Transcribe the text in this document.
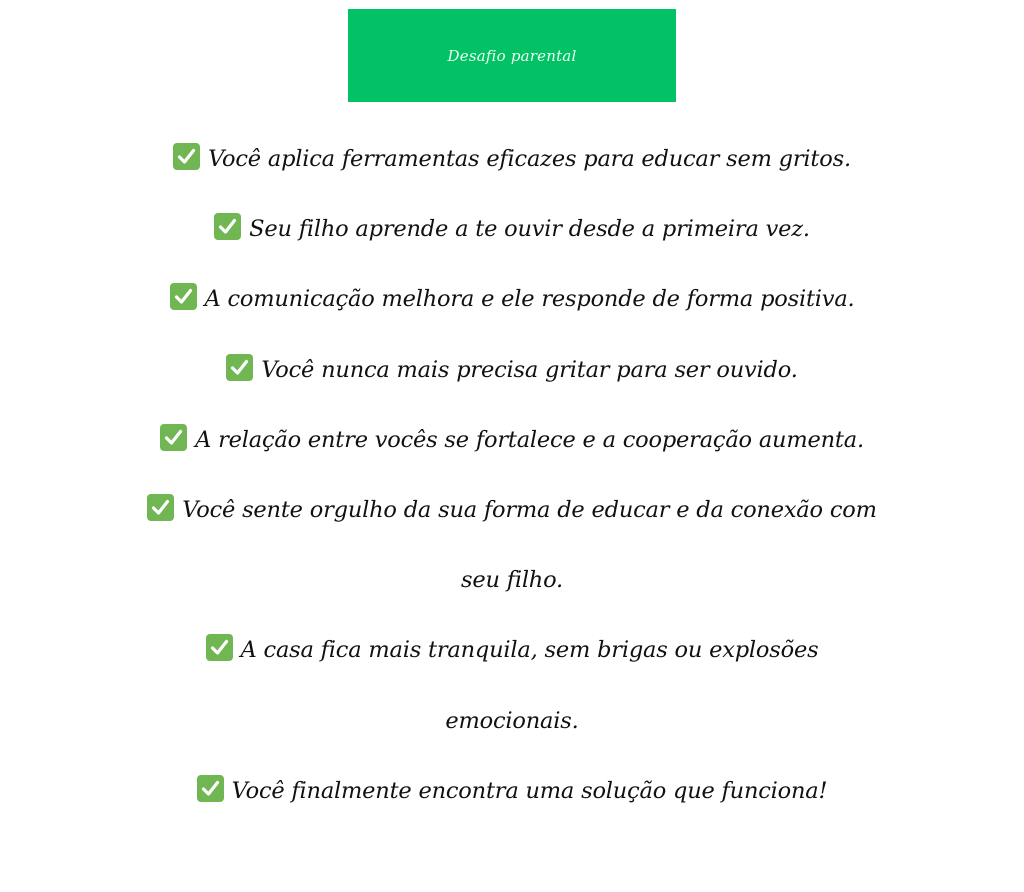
Desafio parental
Você aplica ferramentas eficazes para educar sem gritos.
Seu filho aprende a te ouvir desde a primeira vez.
A comunicação melhora e ele responde de forma positiva.
Você nunca mais precisa gritar para ser ouvido.
A relação entre vocês se fortalece e a cooperação aumenta.
Você sente orgulho da sua forma de educar e da conexão com seu filho.
A casa fica mais tranquila, sem brigas ou explosões emocionais.
Você finalmente encontra uma solução que funciona!
